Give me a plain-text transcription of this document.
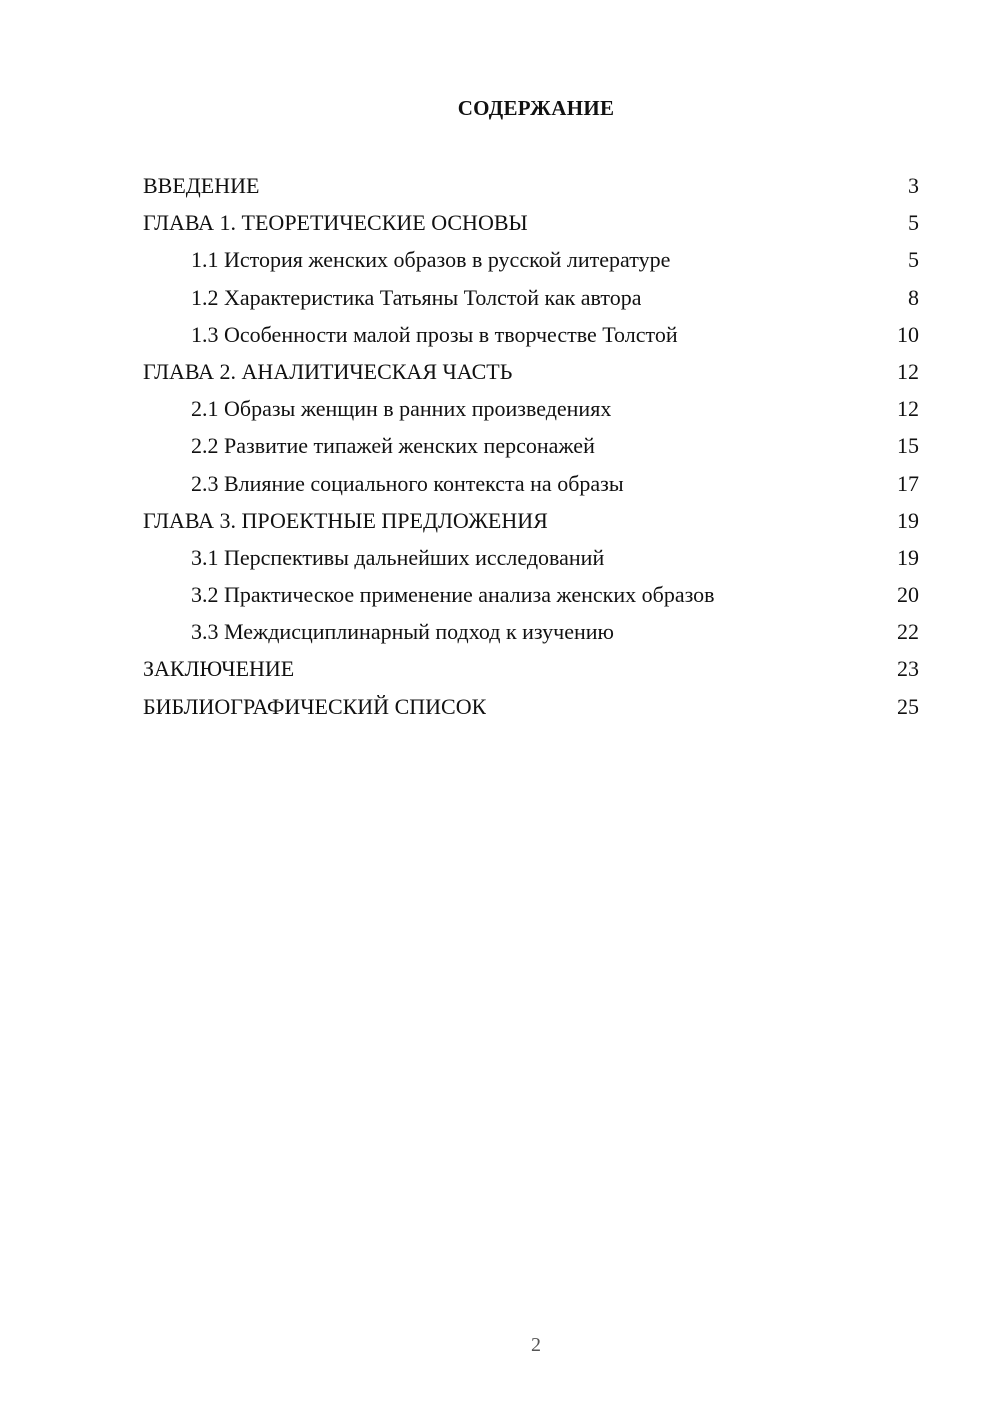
СОДЕРЖАНИЕ
ВВЕДЕНИЕ	3
ГЛАВА 1. ТЕОРЕТИЧЕСКИЕ ОСНОВЫ	5
1.1 История женских образов в русской литературе	5
1.2 Характеристика Татьяны Толстой как автора	8
1.3 Особенности малой прозы в творчестве Толстой	10
ГЛАВА 2. АНАЛИТИЧЕСКАЯ ЧАСТЬ	12
2.1 Образы женщин в ранних произведениях	12
2.2 Развитие типажей женских персонажей	15
2.3 Влияние социального контекста на образы	17
ГЛАВА 3. ПРОЕКТНЫЕ ПРЕДЛОЖЕНИЯ	19
3.1 Перспективы дальнейших исследований	19
3.2 Практическое применение анализа женских образов	20
3.3 Междисциплинарный подход к изучению	22
ЗАКЛЮЧЕНИЕ	23
БИБЛИОГРАФИЧЕСКИЙ СПИСОК	25
2
